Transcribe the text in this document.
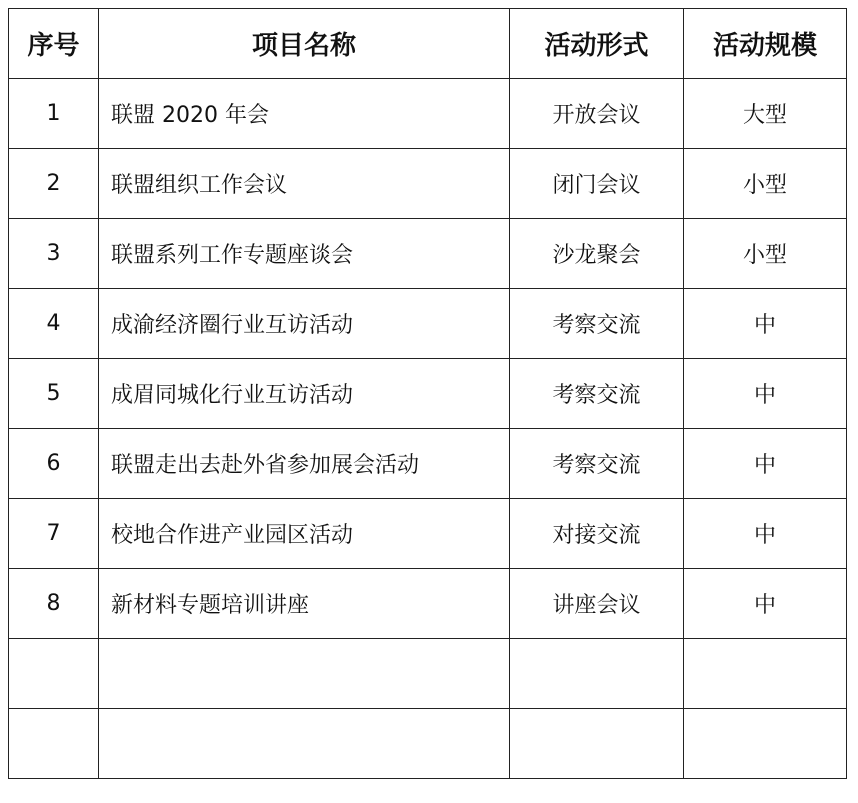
序号	项目名称	活动形式	活动规模
1	联盟 2020 年会	开放会议	大型
2	联盟组织工作会议	闭门会议	小型
3	联盟系列工作专题座谈会	沙龙聚会	小型
4	成渝经济圈行业互访活动	考察交流	中
5	成眉同城化行业互访活动	考察交流	中
6	联盟走出去赴外省参加展会活动	考察交流	中
7	校地合作进产业园区活动	对接交流	中
8	新材料专题培训讲座	讲座会议	中
